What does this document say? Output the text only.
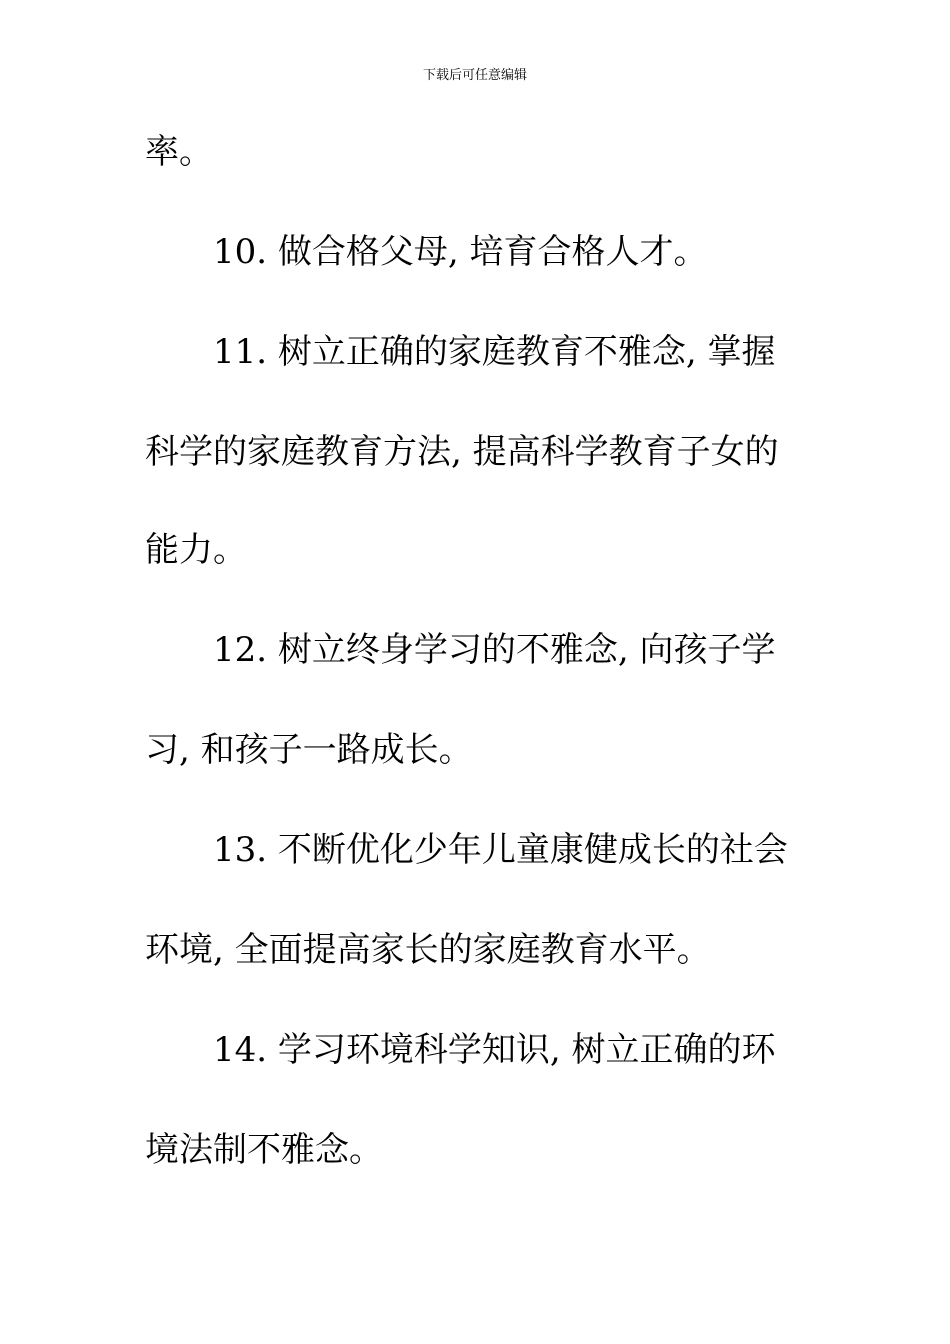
下载后可任意编辑
率。
10. 做合格父母, 培育合格人才。
11. 树立正确的家庭教育不雅念, 掌握
科学的家庭教育方法, 提高科学教育子女的
能力。
12. 树立终身学习的不雅念, 向孩子学
习, 和孩子一路成长。
13. 不断优化少年儿童康健成长的社会
环境, 全面提高家长的家庭教育水平。
14. 学习环境科学知识, 树立正确的环
境法制不雅念。
